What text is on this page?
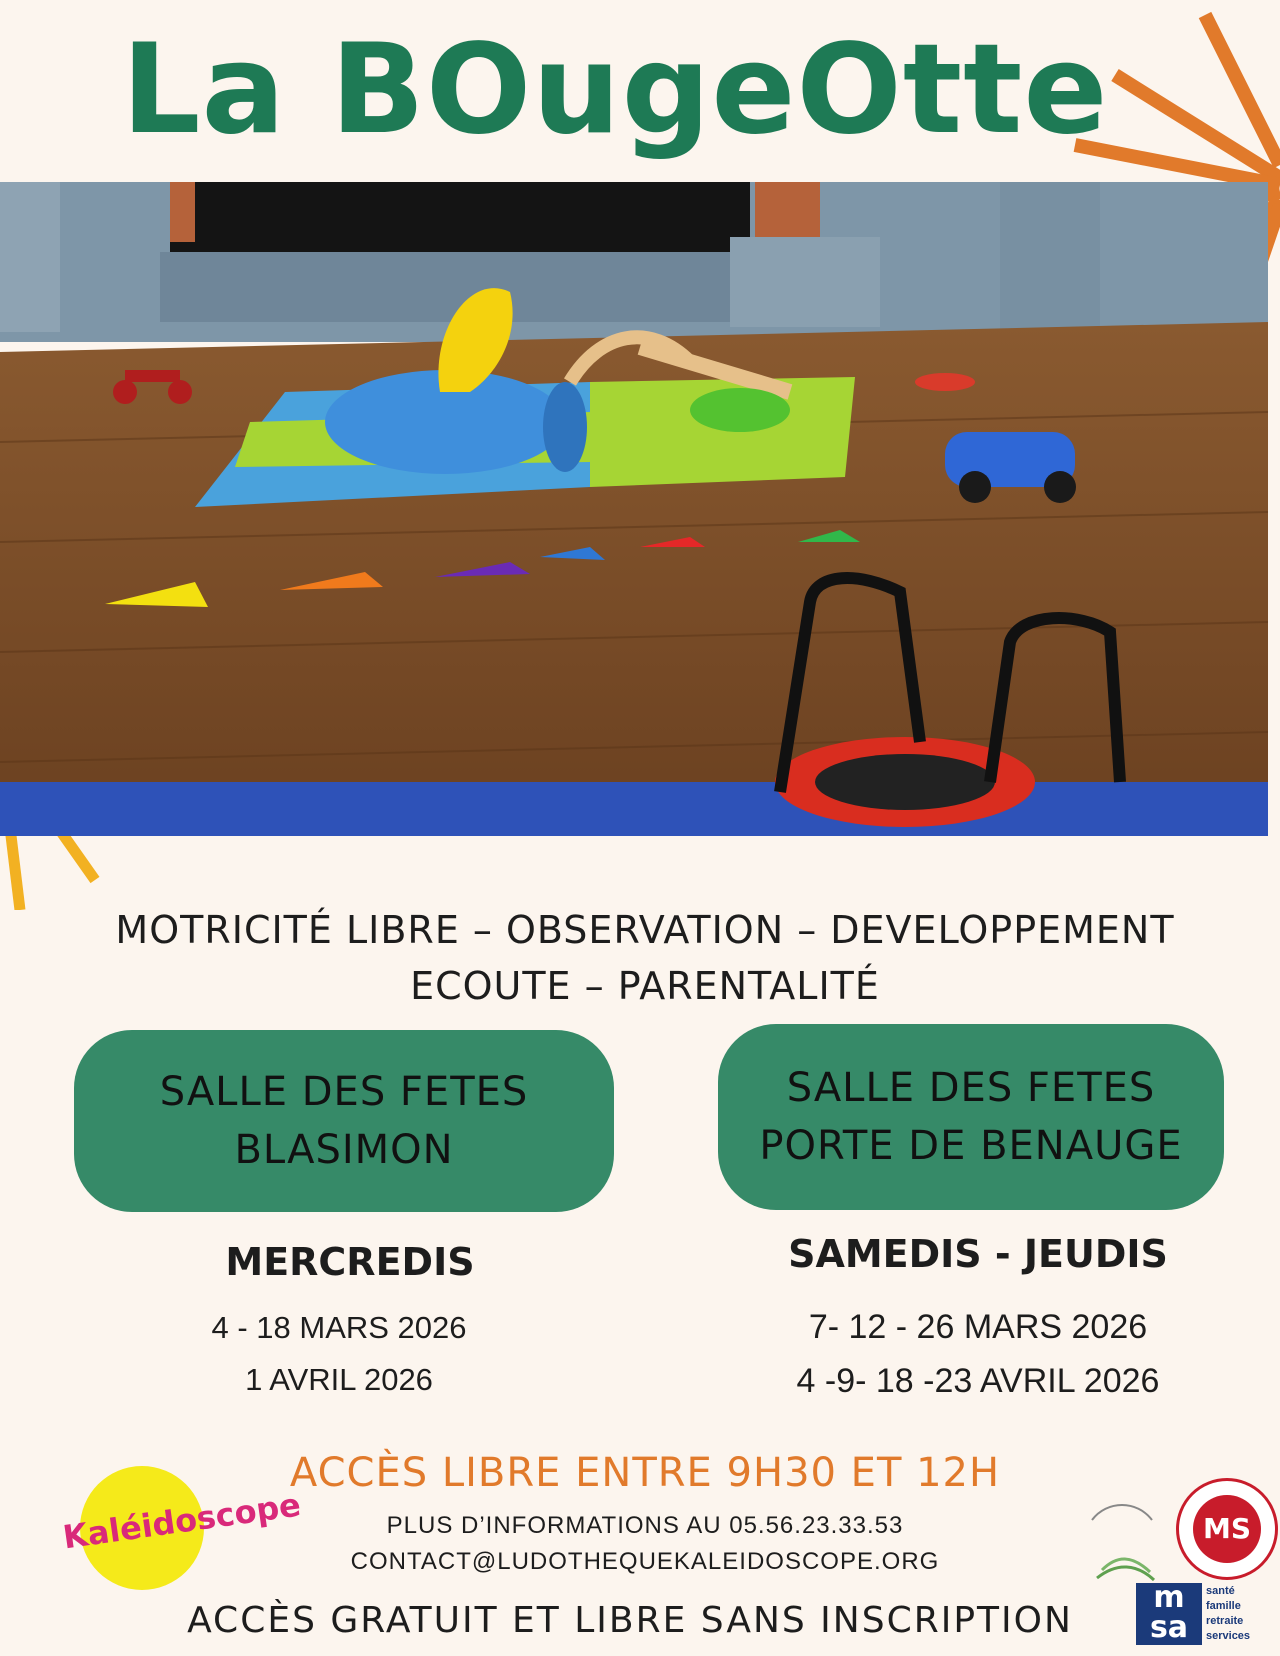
La BOugeOtte
MOTRICITÉ LIBRE – OBSERVATION – DEVELOPPEMENT
ECOUTE – PARENTALITÉ
SALLE DES FETES
BLASIMON
MERCREDIS
4 - 18 MARS 2026
1 AVRIL 2026
SALLE DES FETES
PORTE DE BENAUGE
SAMEDIS - JEUDIS
7- 12 - 26 MARS 2026
4 -9- 18 -23 AVRIL 2026
ACCÈS LIBRE ENTRE 9H30 ET 12H
PLUS D’INFORMATIONS AU 05.56.23.33.53
CONTACT@LUDOTHEQUEKALEIDOSCOPE.ORG
ACCÈS GRATUIT ET LIBRE SANS INSCRIPTION
Kaléidoscope	MS
m
sa
santé
famille
retraite
services
